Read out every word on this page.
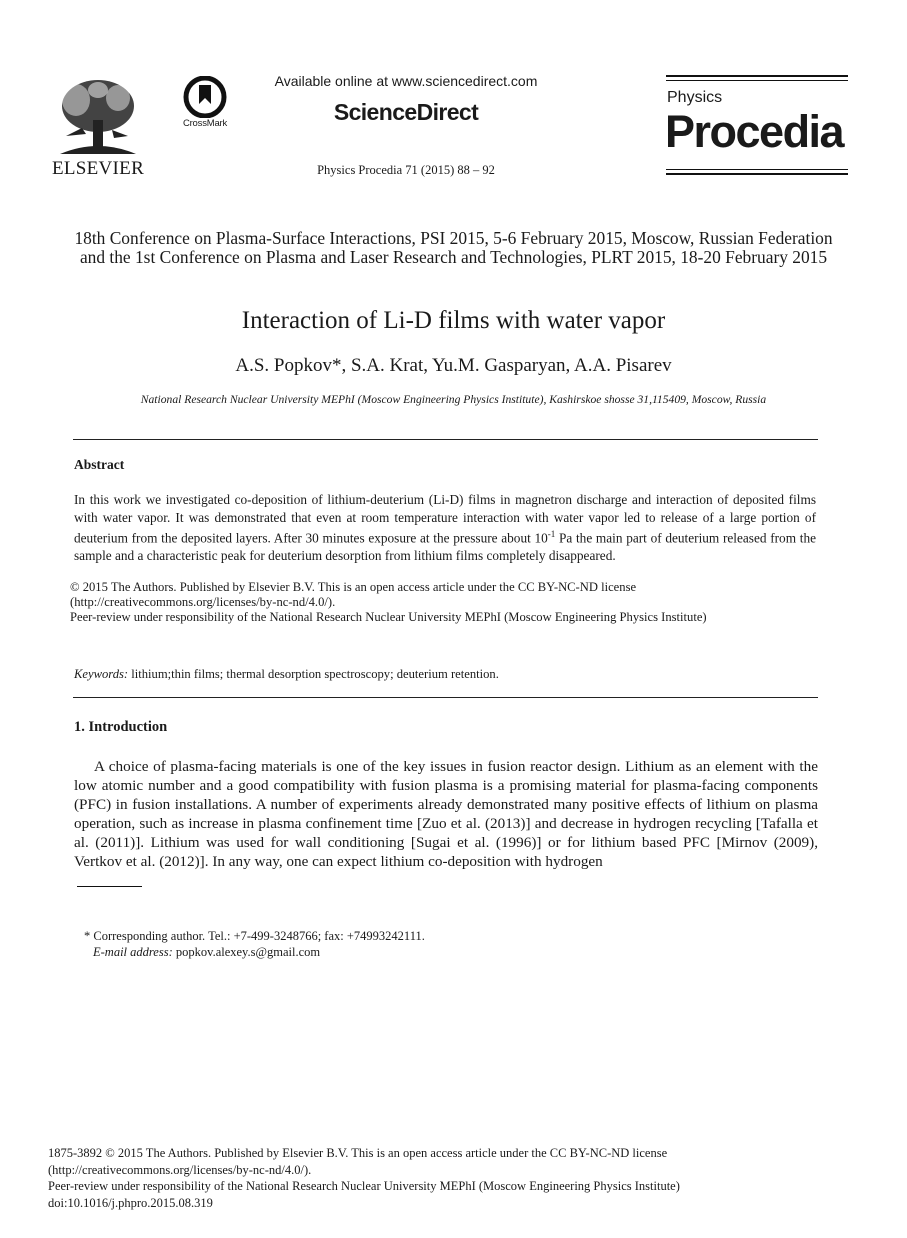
ELSEVIER
CrossMark
Available online at www.sciencedirect.com
ScienceDirect
Physics Procedia 71 (2015) 88 – 92
Physics
Procedia
18th Conference on Plasma-Surface Interactions, PSI 2015, 5-6 February 2015, Moscow, Russian Federation and the 1st Conference on Plasma and Laser Research and Technologies, PLRT 2015, 18-20 February 2015
Interaction of Li-D films with water vapor
A.S. Popkov*, S.A. Krat, Yu.M. Gasparyan, A.A. Pisarev
National Research Nuclear University MEPhI (Moscow Engineering Physics Institute), Kashirskoe shosse 31,115409, Moscow, Russia
Abstract

In this work we investigated co-deposition of lithium-deuterium (Li-D) films in magnetron discharge and interaction of deposited films with water vapor. It was demonstrated that even at room temperature interaction with water vapor led to release of a large portion of deuterium from the deposited layers. After 30 minutes exposure at the pressure about $10^{-1}$ Pa the main part of deuterium released from the sample and a characteristic peak for deuterium desorption from lithium films completely disappeared.

© 2015 The Authors. Published by Elsevier B.V. This is an open access article under the CC BY-NC-ND license
(http://creativecommons.org/licenses/by-nc-nd/4.0/).
Peer-review under responsibility of the National Research Nuclear University MEPhI (Moscow Engineering Physics Institute)
Keywords: lithium;thin films; thermal desorption spectroscopy; deuterium retention.
1. Introduction

A choice of plasma-facing materials is one of the key issues in fusion reactor design. Lithium as an element with the low atomic number and a good compatibility with fusion plasma is a promising material for plasma-facing components (PFC) in fusion installations. A number of experiments already demonstrated many positive effects of lithium on plasma operation, such as increase in plasma confinement time [Zuo et al. (2013)] and decrease in hydrogen recycling [Tafalla et al. (2011)]. Lithium was used for wall conditioning [Sugai et al. (1996)] or for lithium based PFC [Mirnov (2009), Vertkov et al. (2012)]. In any way, one can expect lithium co-deposition with hydrogen

* Corresponding author. Tel.: +7-499-3248766; fax: +74993242111.
E-mail address: popkov.alexey.s@gmail.com
1875-3892 © 2015 The Authors. Published by Elsevier B.V. This is an open access article under the CC BY-NC-ND license
(http://creativecommons.org/licenses/by-nc-nd/4.0/).
Peer-review under responsibility of the National Research Nuclear University MEPhI (Moscow Engineering Physics Institute)
doi:10.1016/j.phpro.2015.08.319
